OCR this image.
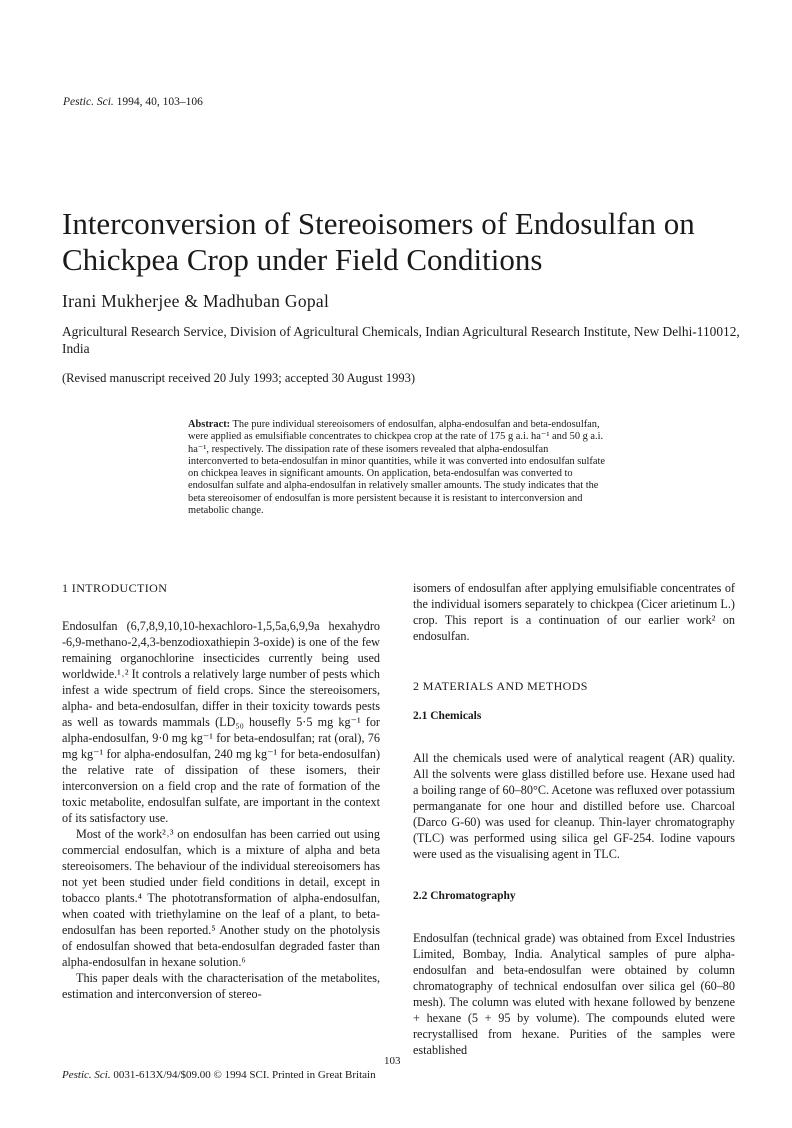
Pestic. Sci. 1994, 40, 103–106
Interconversion of Stereoisomers of Endosulfan on Chickpea Crop under Field Conditions
Irani Mukherjee & Madhuban Gopal
Agricultural Research Service, Division of Agricultural Chemicals, Indian Agricultural Research Institute, New Delhi-110012, India
(Revised manuscript received 20 July 1993; accepted 30 August 1993)
Abstract: The pure individual stereoisomers of endosulfan, alpha-endosulfan and beta-endosulfan, were applied as emulsifiable concentrates to chickpea crop at the rate of 175 g a.i. ha⁻¹ and 50 g a.i. ha⁻¹, respectively. The dissipation rate of these isomers revealed that alpha-endosulfan interconverted to beta-endosulfan in minor quantities, while it was converted into endosulfan sulfate on chickpea leaves in significant amounts. On application, beta-endosulfan was converted to endosulfan sulfate and alpha-endosulfan in relatively smaller amounts. The study indicates that the beta stereoisomer of endosulfan is more persistent because it is resistant to interconversion and metabolic change.

1 INTRODUCTION

Endosulfan (6,7,8,9,10,10-hexachloro-1,5,5a,6,9,9a hexahydro -6,9-methano-2,4,3-benzodioxathiepin 3-oxide) is one of the few remaining organochlorine insecticides currently being used worldwide.¹˒² It controls a relatively large number of pests which infest a wide spectrum of field crops. Since the stereoisomers, alpha- and beta-endosulfan, differ in their toxicity towards pests as well as towards mammals (LD₅₀ housefly 5·5 mg kg⁻¹ for alpha-endosulfan, 9·0 mg kg⁻¹ for beta-endosulfan; rat (oral), 76 mg kg⁻¹ for alpha-endosulfan, 240 mg kg⁻¹ for beta-endosulfan) the relative rate of dissipation of these isomers, their interconversion on a field crop and the rate of formation of the toxic metabolite, endosulfan sulfate, are important in the context of its satisfactory use.

Most of the work²˒³ on endosulfan has been carried out using commercial endosulfan, which is a mixture of alpha and beta stereoisomers. The behaviour of the individual stereoisomers has not yet been studied under field conditions in detail, except in tobacco plants.⁴ The phototransformation of alpha-endosulfan, when coated with triethylamine on the leaf of a plant, to beta-endosulfan has been reported.⁵ Another study on the photolysis of endosulfan showed that beta-endosulfan degraded faster than alpha-endosulfan in hexane solution.⁶

This paper deals with the characterisation of the metabolites, estimation and interconversion of stereo-

isomers of endosulfan after applying emulsifiable concentrates of the individual isomers separately to chickpea (Cicer arietinum L.) crop. This report is a continuation of our earlier work² on endosulfan.

2 MATERIALS AND METHODS

2.1 Chemicals

All the chemicals used were of analytical reagent (AR) quality. All the solvents were glass distilled before use. Hexane used had a boiling range of 60–80°C. Acetone was refluxed over potassium permanganate for one hour and distilled before use. Charcoal (Darco G-60) was used for cleanup. Thin-layer chromatography (TLC) was performed using silica gel GF-254. Iodine vapours were used as the visualising agent in TLC.

2.2 Chromatography

Endosulfan (technical grade) was obtained from Excel Industries Limited, Bombay, India. Analytical samples of pure alpha-endosulfan and beta-endosulfan were obtained by column chromatography of technical endosulfan over silica gel (60–80 mesh). The column was eluted with hexane followed by benzene + hexane (5 + 95 by volume). The compounds eluted were recrystallised from hexane. Purities of the samples were established

103
Pestic. Sci. 0031-613X/94/$09.00 © 1994 SCI. Printed in Great Britain
